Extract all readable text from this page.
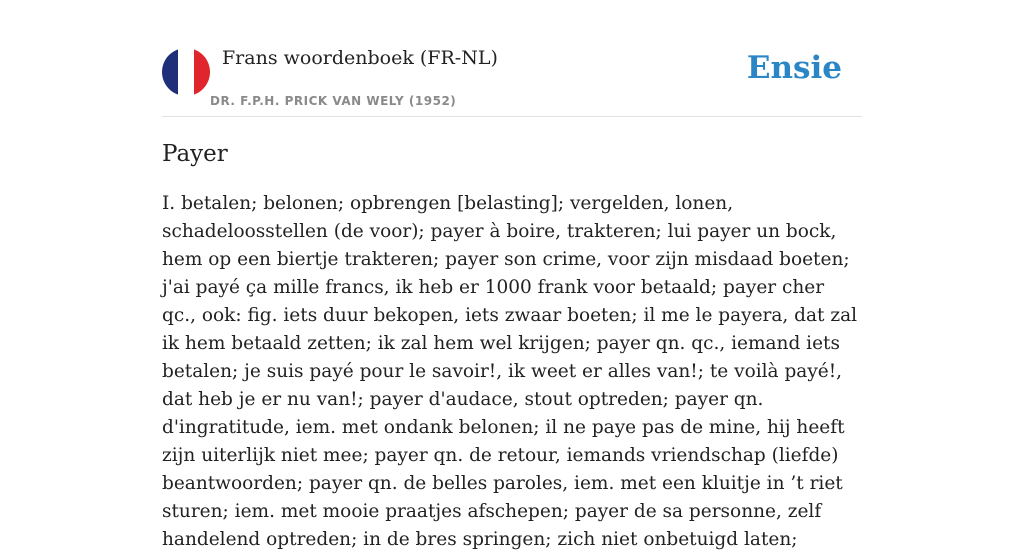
Frans woordenboek (FR-NL)
DR. F.P.H. PRICK VAN WELY (1952)
Ensie
Payer

I. betalen; belonen; opbrengen [belasting]; vergelden, lonen, schadeloosstellen (de voor); payer à boire, trakteren; lui payer un bock, hem op een biertje trakteren; payer son crime, voor zijn misdaad boeten; j'ai payé ça mille francs, ik heb er 1000 frank voor betaald; payer cher qc., ook: fig. iets duur bekopen, iets zwaar boeten; il me le payera, dat zal ik hem betaald zetten; ik zal hem wel krijgen; payer qn. qc., iemand iets betalen; je suis payé pour le savoir!, ik weet er alles van!; te voilà payé!, dat heb je er nu van!; payer d'audace, stout optreden; payer qn. d'ingratitude, iem. met ondank belonen; il ne paye pas de mine, hij heeft zijn uiterlijk niet mee; payer qn. de retour, iemands vriendschap (liefde) beantwoorden; payer qn. de belles paroles, iem. met een kluitje in ’t riet sturen; iem. met mooie praatjes afschepen; payer de sa personne, zelf handelend optreden; in de bres springen; zich niet onbetuigd laten;
